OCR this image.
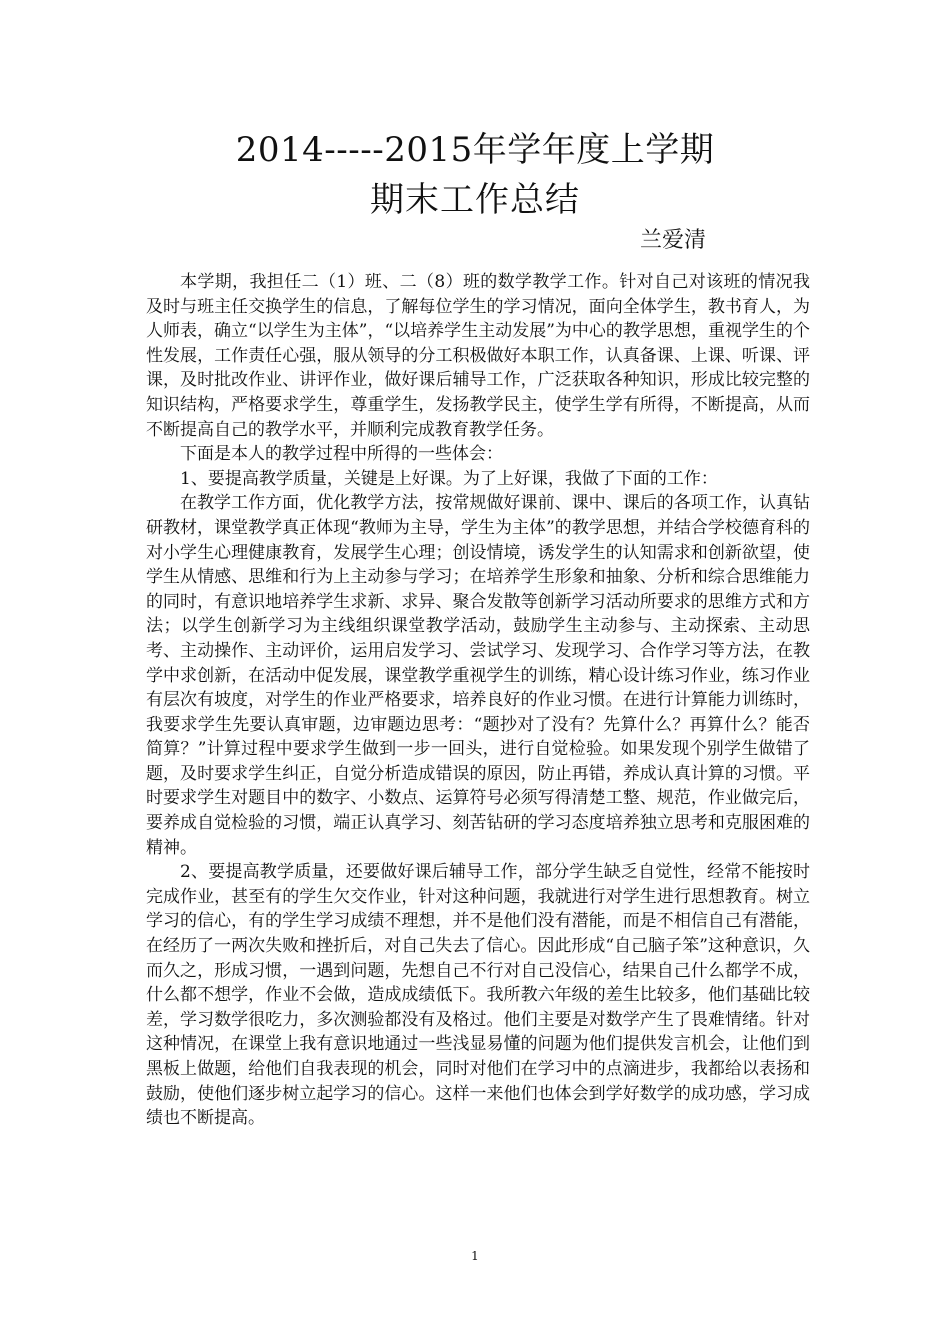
2014-----2015年学年度上学期
期末工作总结
兰爱清

本学期，我担任二（1）班、二（8）班的数学教学工作。针对自己对该班的情况我及时与班主任交换学生的信息，了解每位学生的学习情况，面向全体学生，教书育人，为人师表，确立“以学生为主体”，“以培养学生主动发展”为中心的教学思想，重视学生的个性发展，工作责任心强，服从领导的分工积极做好本职工作，认真备课、上课、听课、评课，及时批改作业、讲评作业，做好课后辅导工作，广泛获取各种知识，形成比较完整的知识结构，严格要求学生，尊重学生，发扬教学民主，使学生学有所得，不断提高，从而不断提高自己的教学水平，并顺利完成教育教学任务。

下面是本人的教学过程中所得的一些体会：

1、要提高教学质量，关键是上好课。为了上好课，我做了下面的工作：

在教学工作方面，优化教学方法，按常规做好课前、课中、课后的各项工作，认真钻研教材，课堂教学真正体现“教师为主导，学生为主体”的教学思想，并结合学校德育科的对小学生心理健康教育，发展学生心理；创设情境，诱发学生的认知需求和创新欲望，使学生从情感、思维和行为上主动参与学习；在培养学生形象和抽象、分析和综合思维能力的同时，有意识地培养学生求新、求异、聚合发散等创新学习活动所要求的思维方式和方法；以学生创新学习为主线组织课堂教学活动，鼓励学生主动参与、主动探索、主动思考、主动操作、主动评价，运用启发学习、尝试学习、发现学习、合作学习等方法，在教学中求创新，在活动中促发展，课堂教学重视学生的训练，精心设计练习作业，练习作业有层次有坡度，对学生的作业严格要求，培养良好的作业习惯。在进行计算能力训练时，我要求学生先要认真审题，边审题边思考：“题抄对了没有？先算什么？再算什么？能否简算？”计算过程中要求学生做到一步一回头，进行自觉检验。如果发现个别学生做错了题，及时要求学生纠正，自觉分析造成错误的原因，防止再错，养成认真计算的习惯。平时要求学生对题目中的数字、小数点、运算符号必须写得清楚工整、规范，作业做完后，要养成自觉检验的习惯，端正认真学习、刻苦钻研的学习态度培养独立思考和克服困难的精神。

2、要提高教学质量，还要做好课后辅导工作，部分学生缺乏自觉性，经常不能按时完成作业，甚至有的学生欠交作业，针对这种问题，我就进行对学生进行思想教育。树立学习的信心，有的学生学习成绩不理想，并不是他们没有潜能，而是不相信自己有潜能，在经历了一两次失败和挫折后，对自己失去了信心。因此形成“自己脑子笨”这种意识，久而久之，形成习惯，一遇到问题，先想自己不行对自己没信心，结果自己什么都学不成，什么都不想学，作业不会做，造成成绩低下。我所教六年级的差生比较多，他们基础比较差，学习数学很吃力，多次测验都没有及格过。他们主要是对数学产生了畏难情绪。针对这种情况，在课堂上我有意识地通过一些浅显易懂的问题为他们提供发言机会，让他们到黑板上做题，给他们自我表现的机会，同时对他们在学习中的点滴进步，我都给以表扬和鼓励，使他们逐步树立起学习的信心。这样一来他们也体会到学好数学的成功感，学习成绩也不断提高。

1
